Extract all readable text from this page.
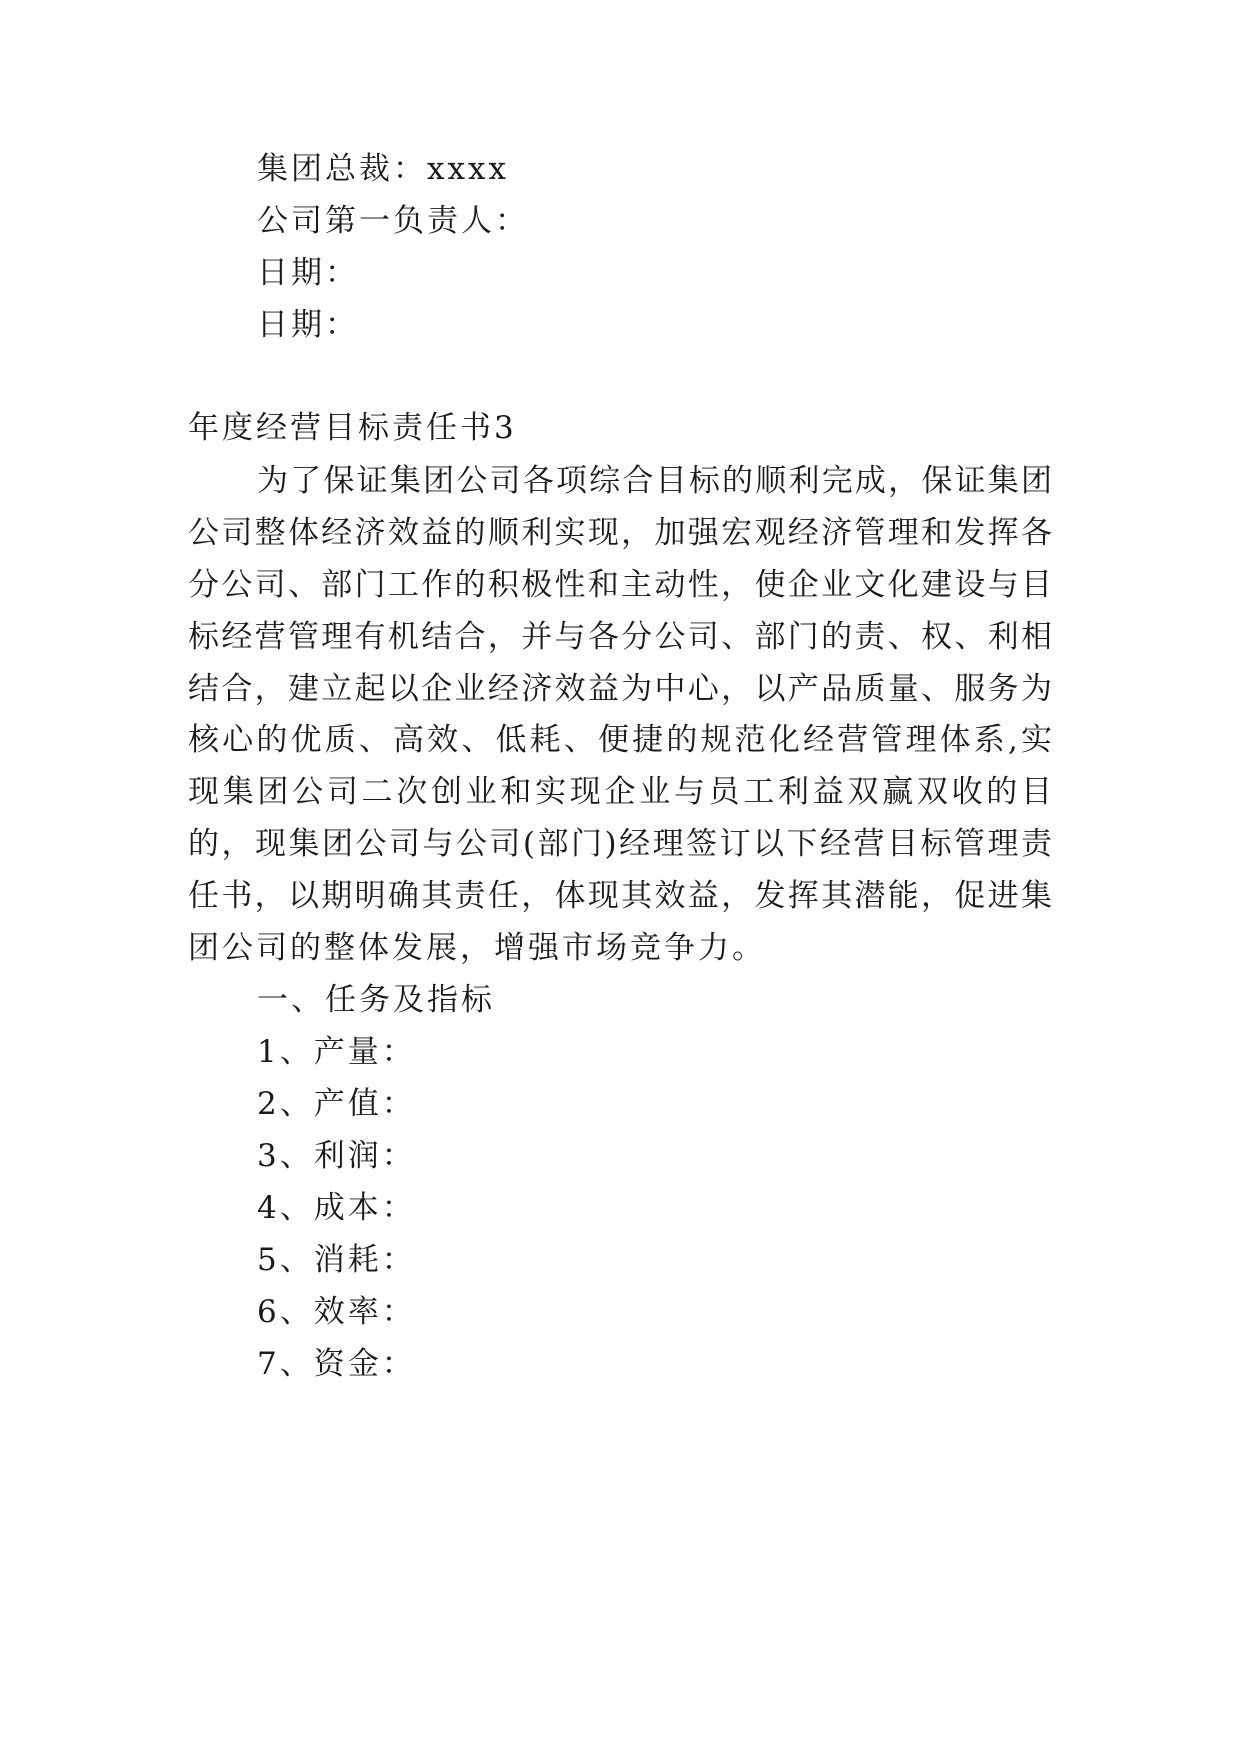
集团总裁：xxxx
公司第一负责人：
日期：
日期：
年度经营目标责任书3
为了保证集团公司各项综合目标的顺利完成，保证集团
公司整体经济效益的顺利实现，加强宏观经济管理和发挥各
分公司、部门工作的积极性和主动性，使企业文化建设与目
标经营管理有机结合，并与各分公司、部门的责、权、利相
结合，建立起以企业经济效益为中心，以产品质量、服务为
核心的优质、高效、低耗、便捷的规范化经营管理体系,实
现集团公司二次创业和实现企业与员工利益双赢双收的目
的，现集团公司与公司(部门)经理签订以下经营目标管理责
任书，以期明确其责任，体现其效益，发挥其潜能，促进集
团公司的整体发展，增强市场竞争力。
一、任务及指标
1、产量：
2、产值：
3、利润：
4、成本：
5、消耗：
6、效率：
7、资金：
